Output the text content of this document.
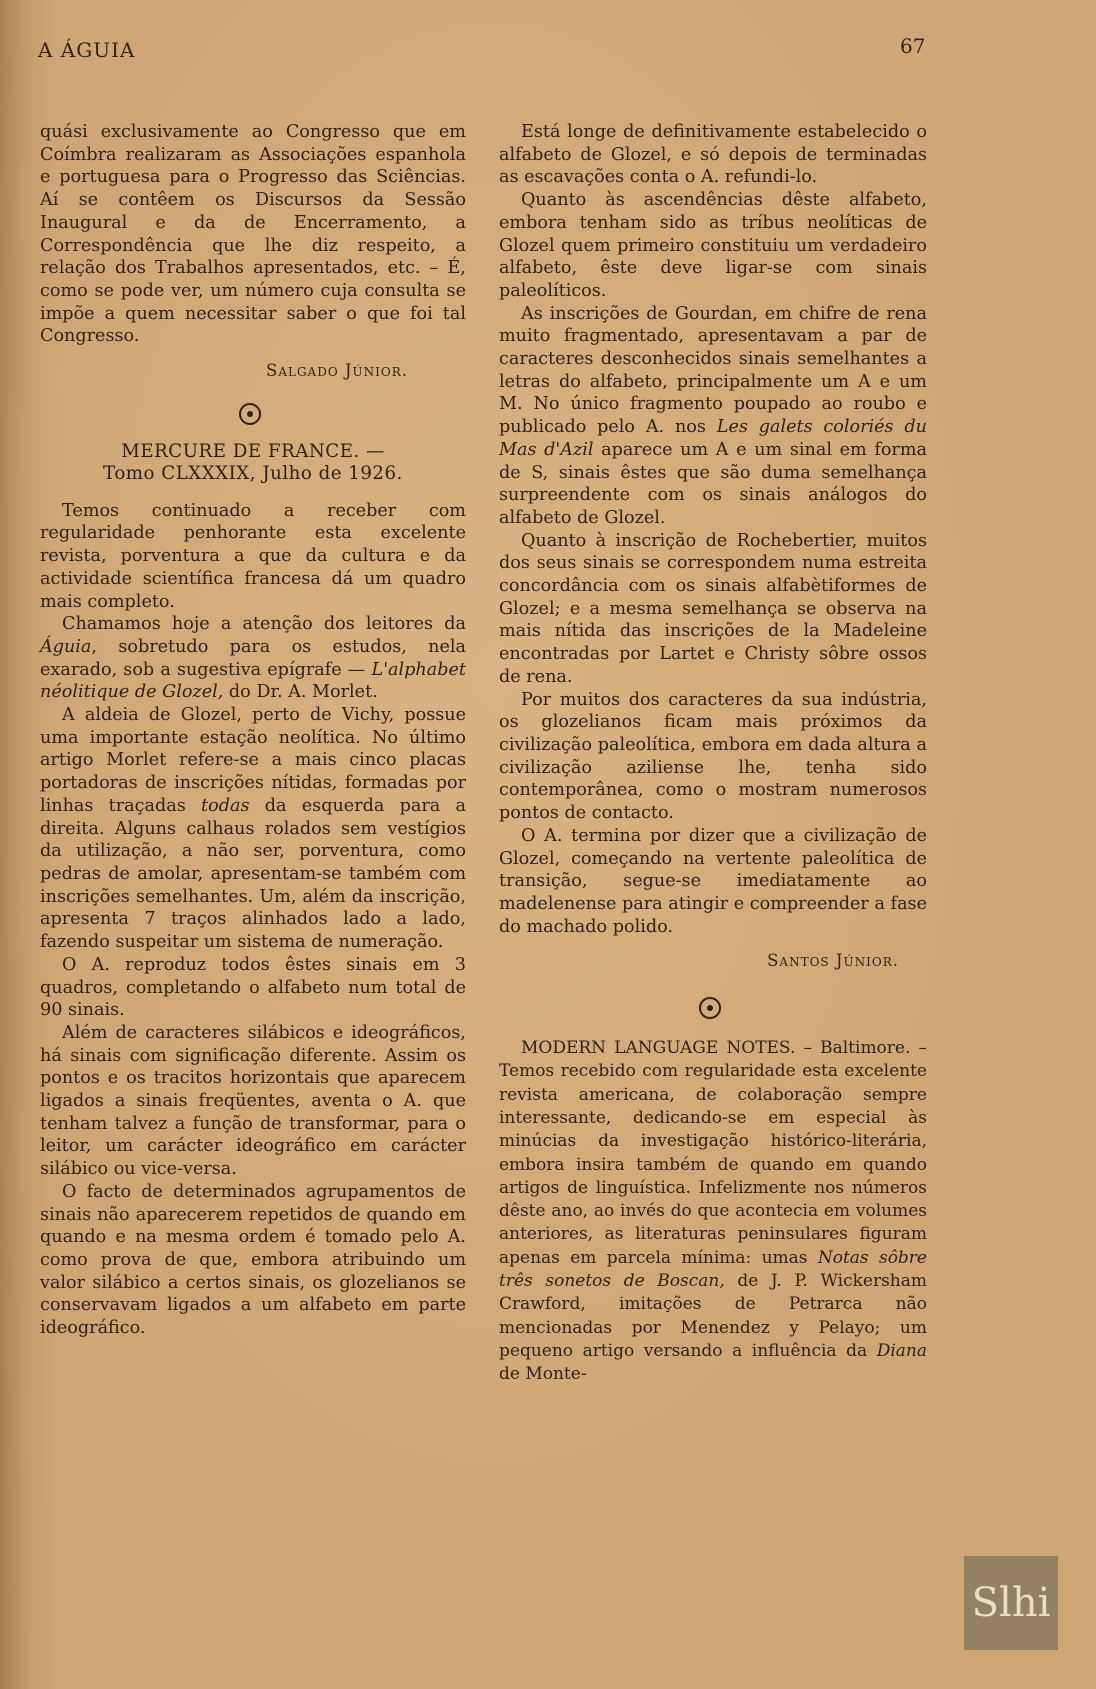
A ÁGUIA	67

quási exclusivamente ao Congresso que em Coímbra realizaram as Associações espanhola e portuguesa para o Progresso das Sciências. Aí se contêem os Discursos da Sessão Inaugural e da de Encerramento, a Correspondência que lhe diz respeito, a relação dos Trabalhos apresentados, etc. – É, como se pode ver, um número cuja consulta se impõe a quem necessitar saber o que foi tal Congresso.

Salgado Júnior.
MERCURE DE FRANCE. —
Tomo CLXXXIX, Julho de 1926.

Temos continuado a receber com regularidade penhorante esta excelente revista, porventura a que da cultura e da actividade scientífica francesa dá um quadro mais completo.

Chamamos hoje a atenção dos leitores da Águia, sobretudo para os estudos, nela exarado, sob a sugestiva epígrafe — L'alphabet néolitique de Glozel, do Dr. A. Morlet.

A aldeia de Glozel, perto de Vichy, possue uma importante estação neolítica. No último artigo Morlet refere-se a mais cinco placas portadoras de inscrições nítidas, formadas por linhas traçadas todas da esquerda para a direita. Alguns calhaus rolados sem vestígios da utilização, a não ser, porventura, como pedras de amolar, apresentam-se também com inscrições semelhantes. Um, além da inscrição, apresenta 7 traços alinhados lado a lado, fazendo suspeitar um sistema de numeração.

O A. reproduz todos êstes sinais em 3 quadros, completando o alfabeto num total de 90 sinais.

Além de caracteres silábicos e ideográficos, há sinais com significação diferente. Assim os pontos e os tracitos horizontais que aparecem ligados a sinais freqüentes, aventa o A. que tenham talvez a função de transformar, para o leitor, um carácter ideográfico em carácter silábico ou vice-versa.

O facto de determinados agrupamentos de sinais não aparecerem repetidos de quando em quando e na mesma ordem é tomado pelo A. como prova de que, embora atribuindo um valor silábico a certos sinais, os glozelianos se conservavam ligados a um alfabeto em parte ideográfico.

Está longe de definitivamente estabelecido o alfabeto de Glozel, e só depois de terminadas as escavações conta o A. refundi-lo.

Quanto às ascendências dêste alfabeto, embora tenham sido as tríbus neolíticas de Glozel quem primeiro constituiu um verdadeiro alfabeto, êste deve ligar-se com sinais paleolíticos.

As inscrições de Gourdan, em chifre de rena muito fragmentado, apresentavam a par de caracteres desconhecidos sinais semelhantes a letras do alfabeto, principalmente um A e um M. No único fragmento poupado ao roubo e publicado pelo A. nos Les galets coloriés du Mas d'Azil aparece um A e um sinal em forma de S, sinais êstes que são duma semelhança surpreendente com os sinais análogos do alfabeto de Glozel.

Quanto à inscrição de Rochebertier, muitos dos seus sinais se correspondem numa estreita concordância com os sinais alfabètiformes de Glozel; e a mesma semelhança se observa na mais nítida das inscrições de la Madeleine encontradas por Lartet e Christy sôbre ossos de rena.

Por muitos dos caracteres da sua indústria, os glozelianos ficam mais próximos da civilização paleolítica, embora em dada altura a civilização aziliense lhe, tenha sido contemporânea, como o mostram numerosos pontos de contacto.

O A. termina por dizer que a civilização de Glozel, começando na vertente paleolítica de transição, segue-se imediatamente ao madelenense para atingir e compreender a fase do machado polido.

Santos Júnior.

MODERN LANGUAGE NOTES. – Baltimore. – Temos recebido com regularidade esta excelente revista americana, de colaboração sempre interessante, dedicando-se em especial às minúcias da investigação histórico-literária, embora insira também de quando em quando artigos de linguística. Infelizmente nos números dêste ano, ao invés do que acontecia em volumes anteriores, as literaturas peninsulares figuram apenas em parcela mínima: umas Notas sôbre três sonetos de Boscan, de J. P. Wickersham Crawford, imitações de Petrarca não mencionadas por Menendez y Pelayo; um pequeno artigo versando a influência da Diana de Monte-

Slhi
